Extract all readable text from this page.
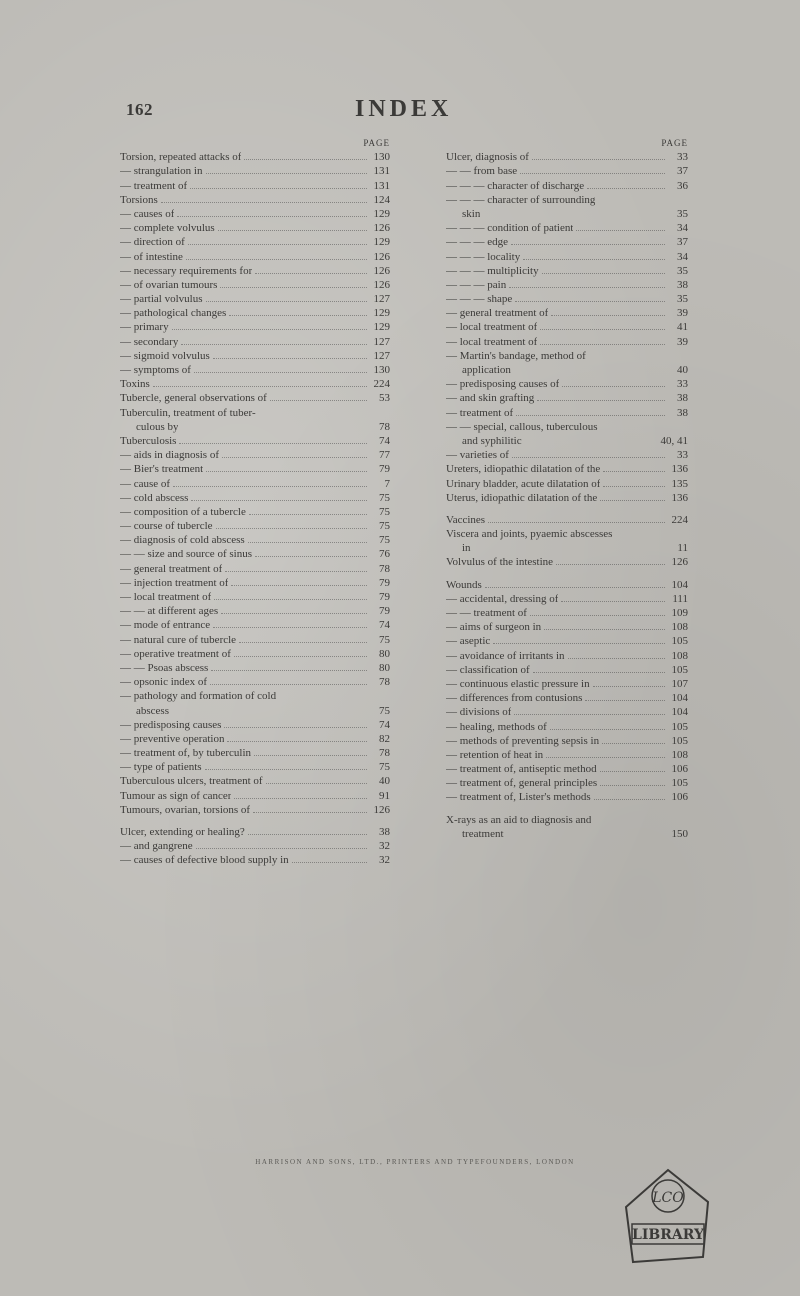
162	INDEX
PAGE
Torsion, repeated attacks of	130
— strangulation in	131
— treatment of	131
Torsions	124
— causes of	129
— complete volvulus	126
— direction of	129
— of intestine	126
— necessary requirements for	126
— of ovarian tumours	126
— partial volvulus	127
— pathological changes	129
— primary	129
— secondary	127
— sigmoid volvulus	127
— symptoms of	130
Toxins	224
Tubercle, general observations of	53
Tuberculin, treatment of tuber-
culous by	78
Tuberculosis	74
— aids in diagnosis of	77
— Bier's treatment	79
— cause of	7
— cold abscess	75
— composition of a tubercle	75
— course of tubercle	75
— diagnosis of cold abscess	75
— — size and source of sinus	76
— general treatment of	78
— injection treatment of	79
— local treatment of	79
— — at different ages	79
— mode of entrance	74
— natural cure of tubercle	75
— operative treatment of	80
— — Psoas abscess	80
— opsonic index of	78
— pathology and formation of cold
abscess	75
— predisposing causes	74
— preventive operation	82
— treatment of, by tuberculin	78
— type of patients	75
Tuberculous ulcers, treatment of	40
Tumour as sign of cancer	91
Tumours, ovarian, torsions of	126
Ulcer, extending or healing?	38
— and gangrene	32
— causes of defective blood supply in	32
PAGE
Ulcer, diagnosis of	33
— — from base	37
— — — character of discharge	36
— — — character of surrounding
skin	35
— — — condition of patient	34
— — — edge	37
— — — locality	34
— — — multiplicity	35
— — — pain	38
— — — shape	35
— general treatment of	39
— local treatment of	41
— local treatment of	39
— Martin's bandage, method of
application	40
— predisposing causes of	33
— and skin grafting	38
— treatment of	38
— — special, callous, tuberculous
and syphilitic	40, 41
— varieties of	33
Ureters, idiopathic dilatation of the	136
Urinary bladder, acute dilatation of	135
Uterus, idiopathic dilatation of the	136
Vaccines	224
Viscera and joints, pyaemic abscesses
in	11
Volvulus of the intestine	126
Wounds	104
— accidental, dressing of	111
— — treatment of	109
— aims of surgeon in	108
— aseptic	105
— avoidance of irritants in	108
— classification of	105
— continuous elastic pressure in	107
— differences from contusions	104
— divisions of	104
— healing, methods of	105
— methods of preventing sepsis in	105
— retention of heat in	108
— treatment of, antiseptic method	106
— treatment of, general principles	105
— treatment of, Lister's methods	106
X-rays as an aid to diagnosis and
treatment	150
HARRISON AND SONS, LTD., PRINTERS AND TYPEFOUNDERS, LONDON
LCO
LIBRARY
